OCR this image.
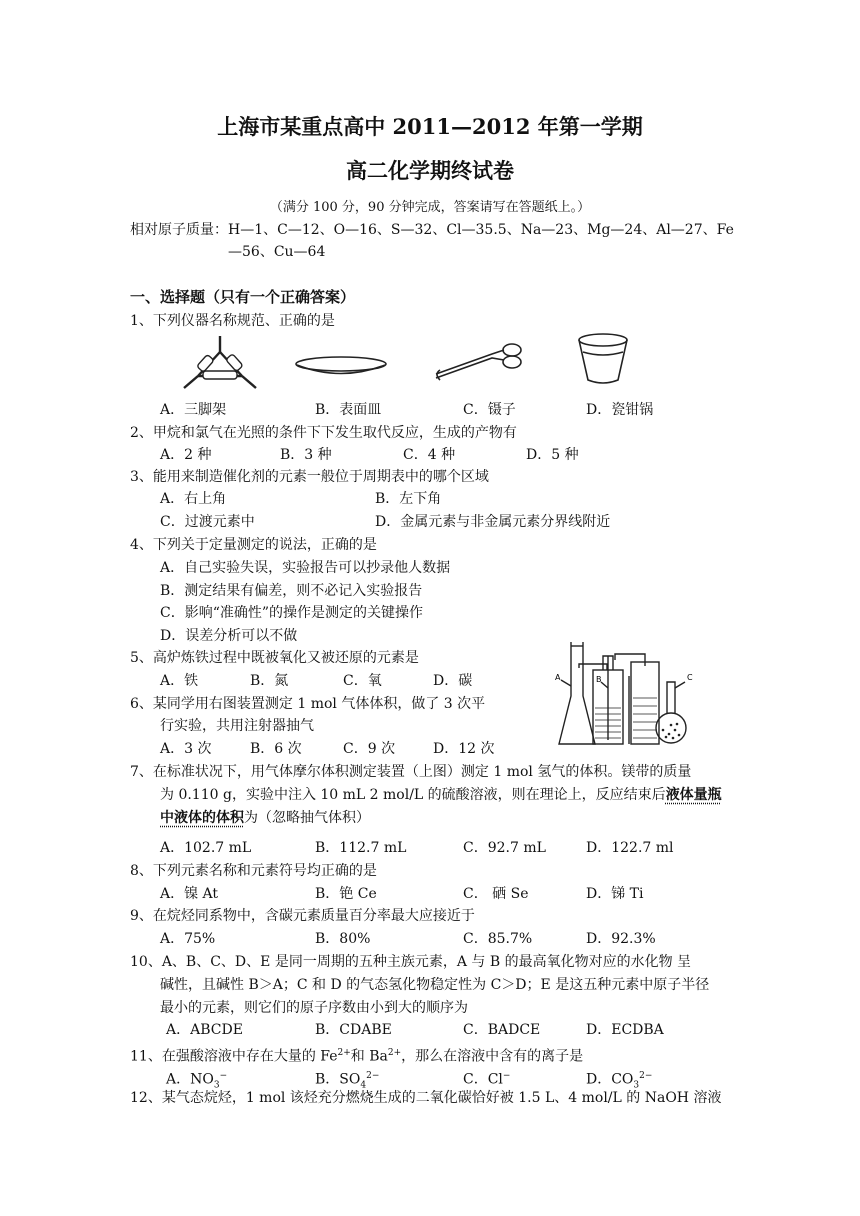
上海市某重点高中 2011—2012 年第一学期
高二化学期终试卷
（满分 100 分，90 分钟完成，答案请写在答题纸上。）
相对原子质量：H—1、C—12、O—16、S—32、Cl—35.5、Na—23、Mg—24、Al—27、Fe
—56、Cu—64
一、选择题（只有一个正确答案）
1、下列仪器名称规范、正确的是
A．三脚架	B．表面皿	C．镊子	D．瓷钳锅
2、甲烷和氯气在光照的条件下下发生取代反应，生成的产物有
A．2 种	B．3 种	C．4 种	D．5 种
3、能用来制造催化剂的元素一般位于周期表中的哪个区域
A．右上角	B．左下角
C．过渡元素中	D．金属元素与非金属元素分界线附近
4、下列关于定量测定的说法，正确的是
A．自己实验失误，实验报告可以抄录他人数据
B．测定结果有偏差，则不必记入实验报告
C．影响“准确性”的操作是测定的关键操作
D．误差分析可以不做
5、高炉炼铁过程中既被氧化又被还原的元素是
A．铁	B．氮	C．氧	D．碳
6、某同学用右图装置测定 1 mol 气体体积，做了 3 次平
行实验，共用注射器抽气
A．3 次	B．6 次	C．9 次	D．12 次
A	B	C
7、在标准状况下，用气体摩尔体积测定装置（上图）测定 1 mol 氢气的体积。镁带的质量
为 0.110 g，实验中注入 10 mL 2 mol/L 的硫酸溶液，则在理论上，反应结束后液体量瓶
中液体的体积为（忽略抽气体积）
A．102.7 mL	B．112.7 mL	C．92.7 mL	D．122.7 ml
8、下列元素名称和元素符号均正确的是
A．镍 At	B．铯 Ce	C． 硒 Se	D．锑 Ti
9、在烷烃同系物中，含碳元素质量百分率最大应接近于
A．75%	B．80%	C．85.7%	D．92.3%
10、A、B、C、D、E 是同一周期的五种主族元素，A 与 B 的最高氧化物对应的水化物 呈
碱性，且碱性 B＞A；C 和 D 的气态氢化物稳定性为 C＞D；E 是这五种元素中原子半径
最小的元素，则它们的原子序数由小到大的顺序为
A．ABCDE	B．CDABE	C．BADCE	D．ECDBA
11、在强酸溶液中存在大量的 $Fe^{2+}$和 $Ba^{2+}$，那么在溶液中含有的离子是
A．$NO_3^-$	B．$SO_4^{2-}$	C．Cl−	D．$CO_3^{2-}$
12、某气态烷烃，1 mol 该烃充分燃烧生成的二氧化碳恰好被 1.5 L、4 mol/L 的 NaOH 溶液
